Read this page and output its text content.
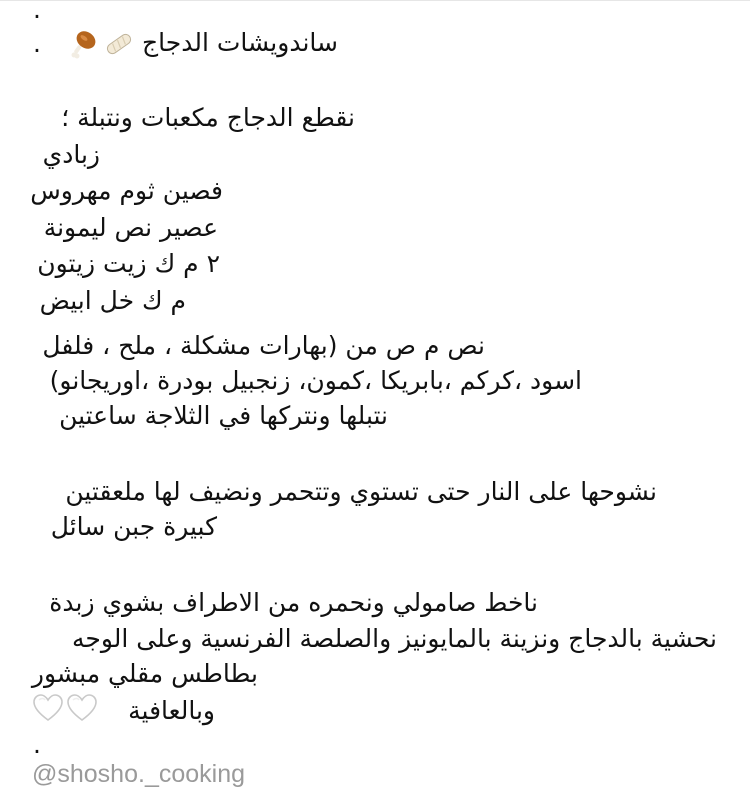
.
ساندويشات الدجاج
.
نقطع الدجاج مكعبات ونتبلة ؛
زبادي
فصين ثوم مهروس
عصير نص ليمونة
٢ م ك زيت زيتون
م ك خل ابيض
نص م ص من (بهارات مشكلة ، ملح ، فلفل
اسود ،كركم ،بابريكا ،كمون، زنجبيل بودرة ،اوريجانو)
نتبلها ونتركها في الثلاجة ساعتين
نشوحها على النار حتى تستوي وتتحمر ونضيف لها ملعقتين
كبيرة جبن سائل
ناخط صامولي ونحمره من الاطراف بشوي زبدة
نحشية بالدجاج ونزينة بالمايونيز والصلصة الفرنسية وعلى الوجه
بطاطس مقلي مبشور
وبالعافية
.
@shosho._cooking
